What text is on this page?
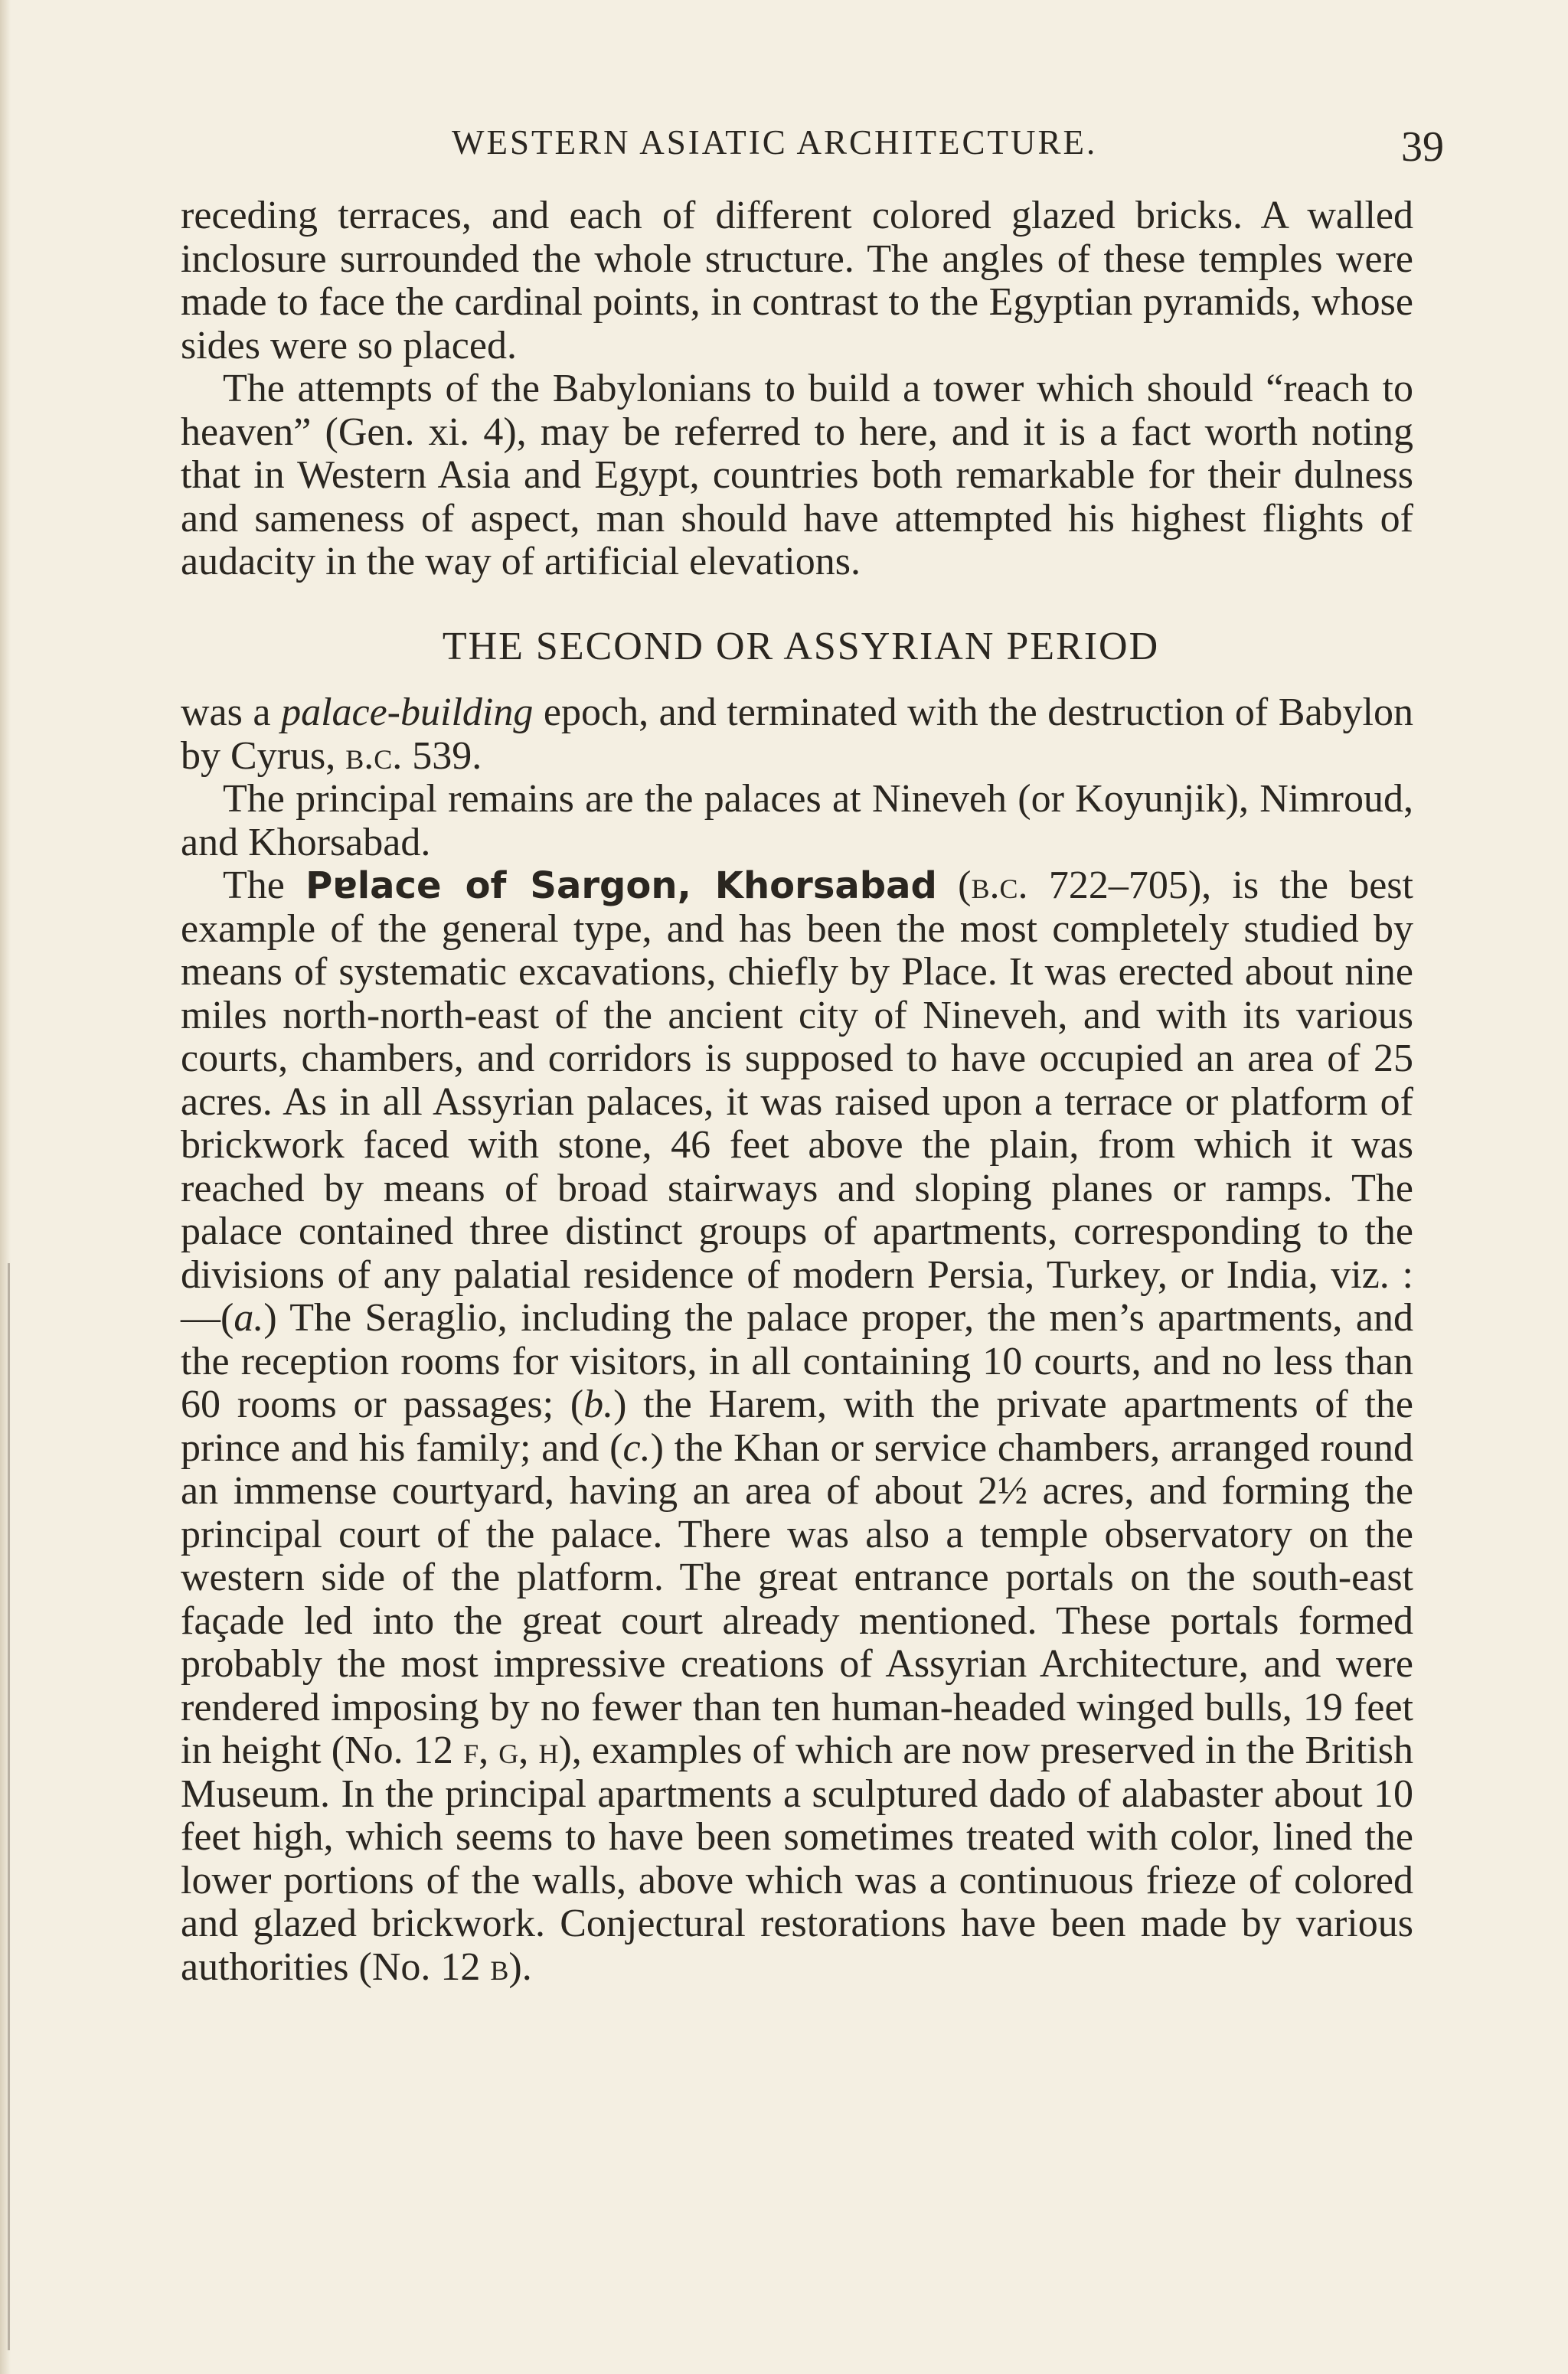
WESTERN ASIATIC ARCHITECTURE.	39

receding terraces, and each of different colored glazed bricks. A walled inclosure surrounded the whole structure. The angles of these temples were made to face the cardinal points, in contrast to the Egyptian pyramids, whose sides were so placed.

The attempts of the Babylonians to build a tower which should “reach to heaven” (Gen. xi. 4), may be referred to here, and it is a fact worth noting that in Western Asia and Egypt, countries both remarkable for their dulness and sameness of aspect, man should have attempted his highest flights of audacity in the way of artificial elevations.

THE SECOND OR ASSYRIAN PERIOD

was a palace-building epoch, and terminated with the destruction of Babylon by Cyrus, b.c. 539.

The principal remains are the palaces at Nineveh (or Koyunjik), Nimroud, and Khorsabad.

The Pɐlace of Sargon, Khorsabad (b.c. 722–705), is the best example of the general type, and has been the most completely studied by means of systematic excavations, chiefly by Place. It was erected about nine miles north-north-east of the ancient city of Nineveh, and with its various courts, chambers, and corridors is supposed to have occupied an area of 25 acres. As in all Assyrian palaces, it was raised upon a terrace or platform of brickwork faced with stone, 46 feet above the plain, from which it was reached by means of broad stairways and sloping planes or ramps. The palace contained three distinct groups of apartments, corresponding to the divisions of any palatial residence of modern Persia, Turkey, or India, viz. :—(a.) The Seraglio, including the palace proper, the men’s apartments, and the reception rooms for visitors, in all containing 10 courts, and no less than 60 rooms or passages; (b.) the Harem, with the private apartments of the prince and his family; and (c.) the Khan or service chambers, arranged round an immense courtyard, having an area of about 2½ acres, and forming the principal court of the palace. There was also a temple observatory on the western side of the platform. The great entrance portals on the south-east façade led into the great court already mentioned. These portals formed probably the most impressive creations of Assyrian Architecture, and were rendered imposing by no fewer than ten human-headed winged bulls, 19 feet in height (No. 12 f, g, h), examples of which are now preserved in the British Museum. In the principal apartments a sculptured dado of alabaster about 10 feet high, which seems to have been sometimes treated with color, lined the lower portions of the walls, above which was a continuous frieze of colored and glazed brickwork. Conjectural restorations have been made by various authorities (No. 12 b).
